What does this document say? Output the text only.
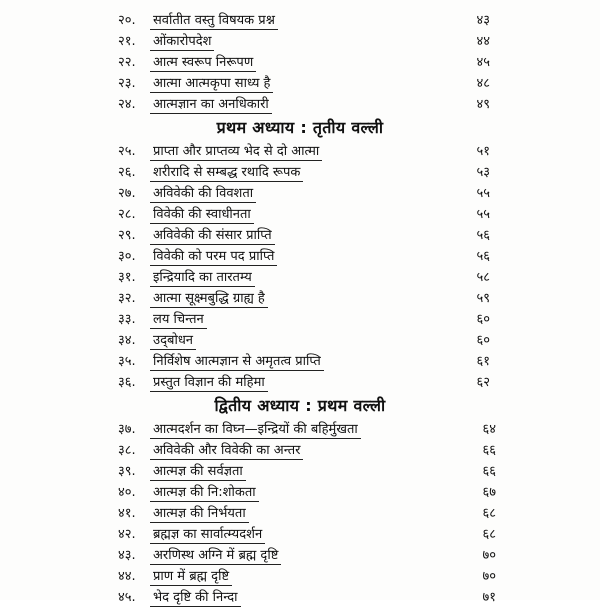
२०. सर्वातीत वस्तु विषयक प्रश्न	४३
२१. ओंकारोपदेश	४४
२२. आत्म स्वरूप निरूपण	४५
२३. आत्मा आत्मकृपा साध्य है	४८
२४. आत्मज्ञान का अनधिकारी	४९
प्रथम अध्याय : तृतीय वल्ली
२५. प्राप्ता और प्राप्तव्य भेद से दो आत्मा	५१
२६. शरीरादि से सम्बद्ध रथादि रूपक	५३
२७. अविवेकी की विवशता	५५
२८. विवेकी की स्वाधीनता	५५
२९. अविवेकी की संसार प्राप्ति	५६
३०. विवेकी को परम पद प्राप्ति	५६
३१. इन्द्रियादि का तारतम्य	५८
३२. आत्मा सूक्ष्मबुद्धि ग्राह्य है	५९
३३. लय चिन्तन	६०
३४. उद्‌बोधन	६०
३५. निर्विशेष आत्मज्ञान से अमृतत्व प्राप्ति	६१
३६. प्रस्तुत विज्ञान की महिमा	६२
द्वितीय अध्याय : प्रथम वल्ली
३७. आत्मदर्शन का विघ्न—इन्द्रियों की बहिर्मुखता	६४
३८. अविवेकी और विवेकी का अन्तर	६६
३९. आत्मज्ञ की सर्वज्ञता	६६
४०. आत्मज्ञ की नि:शोकता	६७
४१. आत्मज्ञ की निर्भयता	६८
४२. ब्रह्मज्ञ का सार्वात्म्यदर्शन	६८
४३. अरणिस्थ अग्नि में ब्रह्म दृष्टि	७०
४४. प्राण में ब्रह्म दृष्टि	७०
४५. भेद दृष्टि की निन्दा	७१
